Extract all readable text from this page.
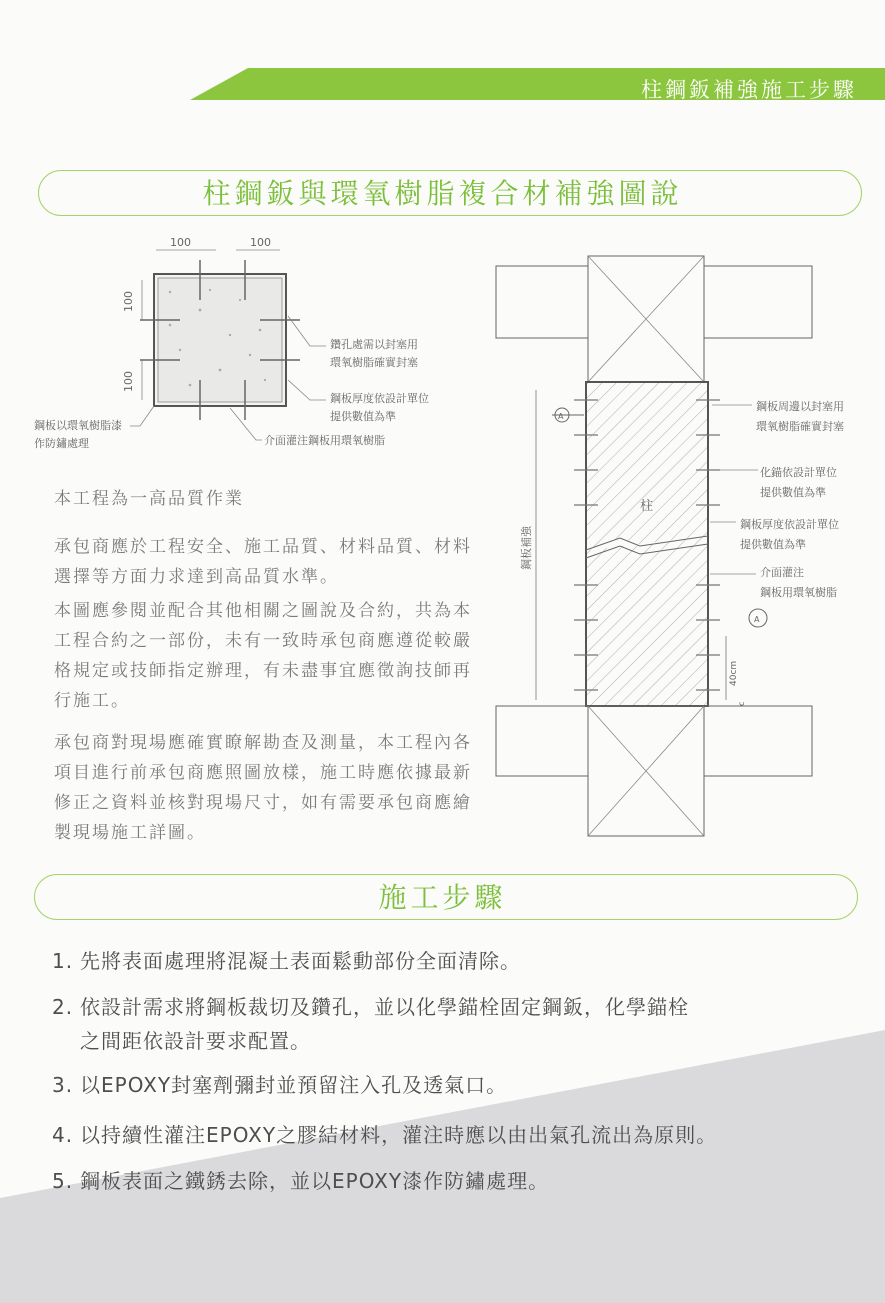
柱鋼鈑補強施工步驟
柱鋼鈑與環氧樹脂複合材補強圖說
100	100
100
100
鑽孔處需以封塞用
環氧樹脂確實封塞
鋼板厚度依設計單位
提供數值為準
鋼板以環氧樹脂漆
作防鏽處理	介面灌注鋼板用環氧樹脂
柱
鋼板補強
A
A
40cm
c
鋼板周邊以封塞用
環氧樹脂確實封塞
化錨依設計單位
提供數值為準
鋼板厚度依設計單位
提供數值為準
介面灌注
鋼板用環氧樹脂
本工程為一高品質作業
承包商應於工程安全、施工品質、材料品質、材料選擇等方面力求達到高品質水準。
本圖應參閱並配合其他相關之圖說及合約，共為本工程合約之一部份，未有一致時承包商應遵從較嚴格規定或技師指定辦理，有未盡事宜應徵詢技師再行施工。
承包商對現場應確實瞭解勘查及測量，本工程內各項目進行前承包商應照圖放樣，施工時應依據最新修正之資料並核對現場尺寸，如有需要承包商應繪製現場施工詳圖。
施工步驟
1. 先將表面處理將混凝土表面鬆動部份全面清除。
2. 依設計需求將鋼板裁切及鑽孔，並以化學錨栓固定鋼鈑，化學錨栓
之間距依設計要求配置。
3. 以EPOXY封塞劑彌封並預留注入孔及透氣口。
4. 以持續性灌注EPOXY之膠結材料，灌注時應以由出氣孔流出為原則。
5. 鋼板表面之鐵銹去除，並以EPOXY漆作防鏽處理。
